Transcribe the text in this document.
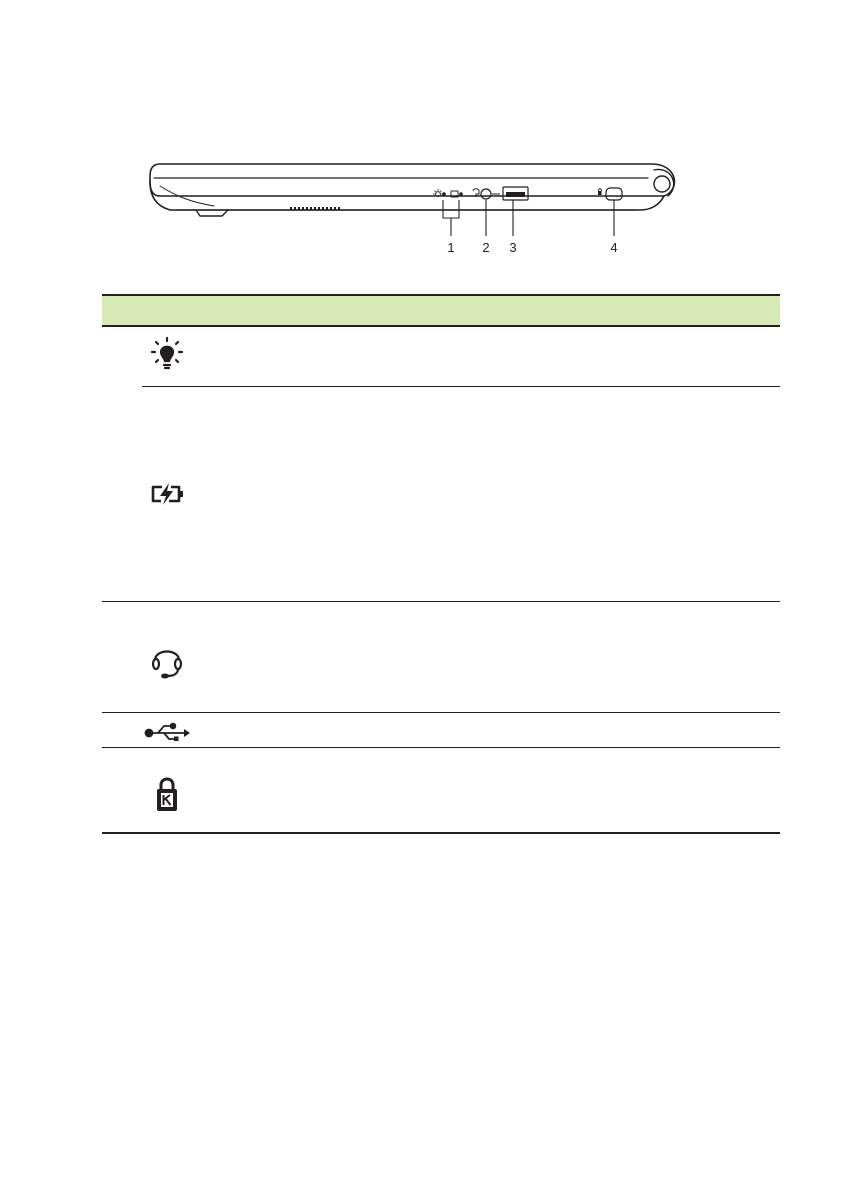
1 2 3	4
